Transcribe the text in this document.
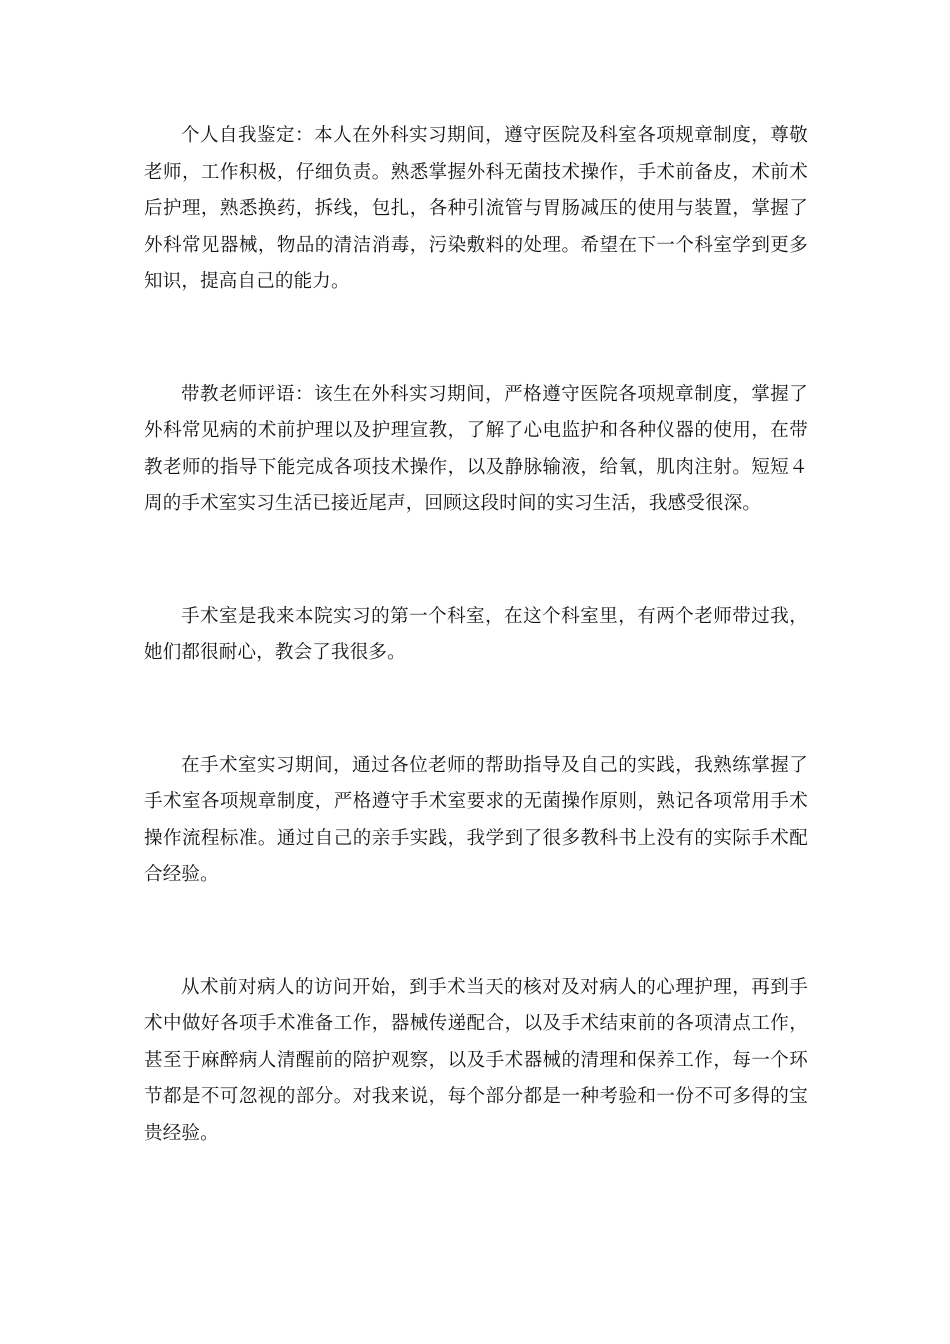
个人自我鉴定：本人在外科实习期间，遵守医院及科室各项规章制度，尊敬老师，工作积极，仔细负责。熟悉掌握外科无菌技术操作，手术前备皮，术前术后护理，熟悉换药，拆线，包扎，各种引流管与胃肠减压的使用与装置，掌握了外科常见器械，物品的清洁消毒，污染敷料的处理。希望在下一个科室学到更多知识，提高自己的能力。

带教老师评语：该生在外科实习期间，严格遵守医院各项规章制度，掌握了外科常见病的术前护理以及护理宣教，了解了心电监护和各种仪器的使用，在带教老师的指导下能完成各项技术操作，以及静脉输液，给氧，肌肉注射。短短４周的手术室实习生活已接近尾声，回顾这段时间的实习生活，我感受很深。

手术室是我来本院实习的第一个科室，在这个科室里，有两个老师带过我，她们都很耐心，教会了我很多。

在手术室实习期间，通过各位老师的帮助指导及自己的实践，我熟练掌握了手术室各项规章制度，严格遵守手术室要求的无菌操作原则，熟记各项常用手术操作流程标准。通过自己的亲手实践，我学到了很多教科书上没有的实际手术配合经验。

从术前对病人的访问开始，到手术当天的核对及对病人的心理护理，再到手术中做好各项手术准备工作，器械传递配合，以及手术结束前的各项清点工作，甚至于麻醉病人清醒前的陪护观察，以及手术器械的清理和保养工作，每一个环节都是不可忽视的部分。对我来说，每个部分都是一种考验和一份不可多得的宝贵经验。
